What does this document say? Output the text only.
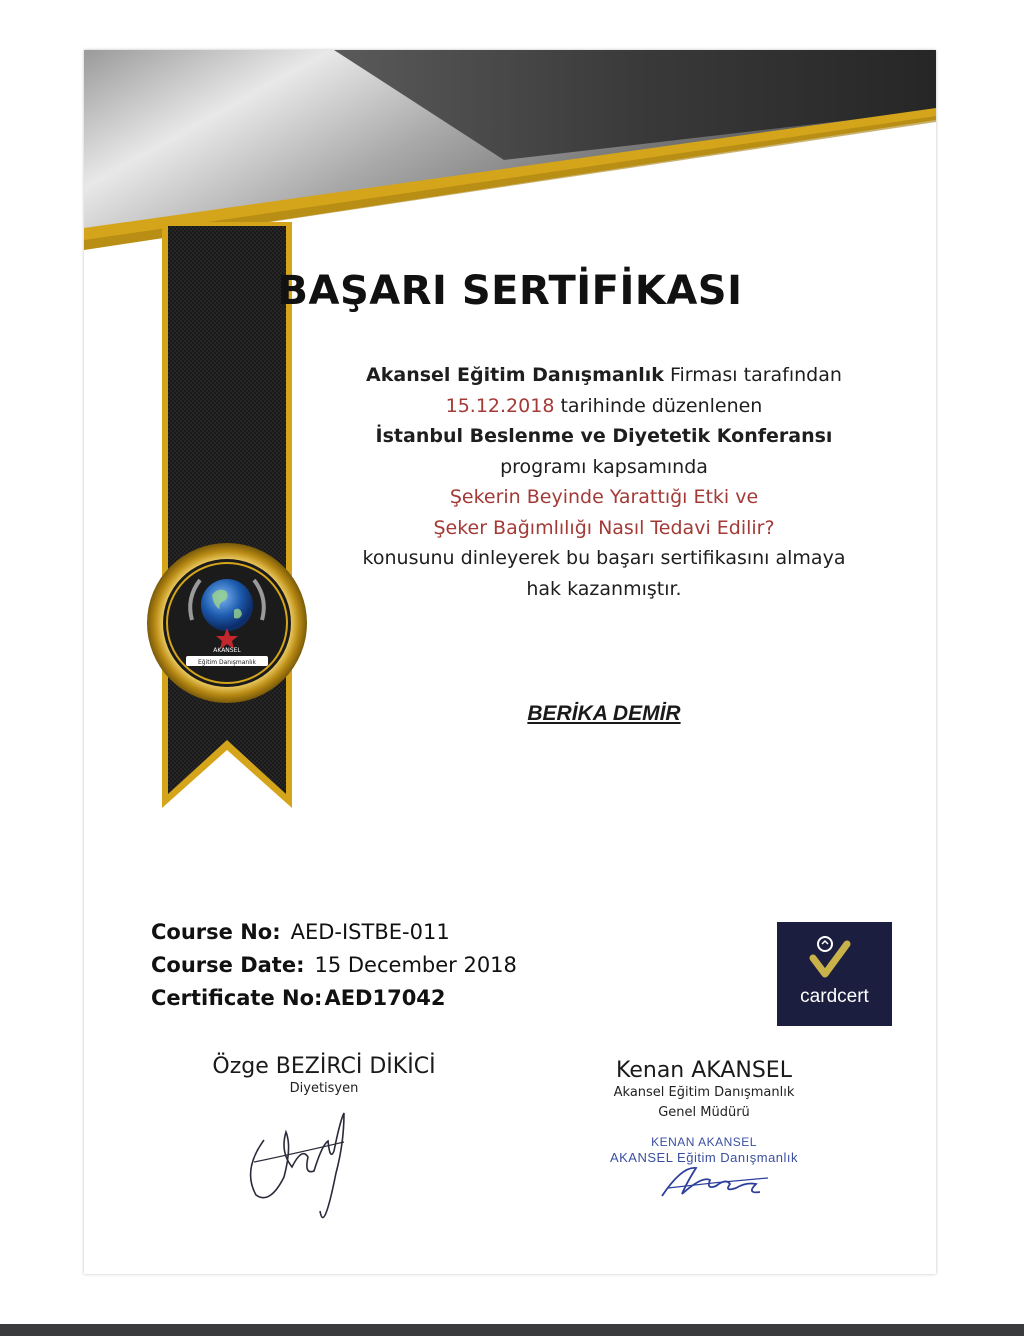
AKANSEL
Eğitim Danışmanlık
BAŞARI SERTİFİKASI
Akansel Eğitim Danışmanlık Firması tarafından
15.12.2018 tarihinde düzenlenen
İstanbul Beslenme ve Diyetetik Konferansı
programı kapsamında
Şekerin Beyinde Yarattığı Etki ve
Şeker Bağımlılığı Nasıl Tedavi Edilir?
konusunu dinleyerek bu başarı sertifikasını almaya
hak kazanmıştır.
BERİKA DEMİR
Course No: AED-ISTBE-011
Course Date: 15 December 2018
Certificate No:AED17042	cardcert
Özge BEZİRCİ DİKİCİ
Diyetisyen
Kenan AKANSEL
Akansel Eğitim Danışmanlık
Genel Müdürü
KENAN AKANSEL
AKANSEL Eğitim Danışmanlık
